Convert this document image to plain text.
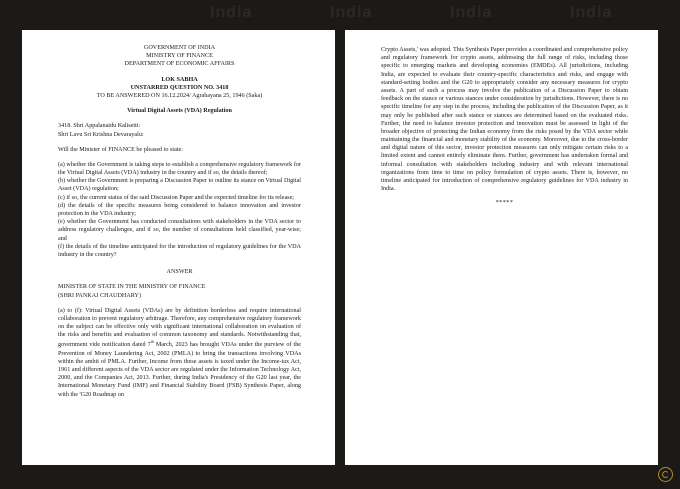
India	India	India	India

GOVERNMENT OF INDIA

MINISTRY OF FINANCE

DEPARTMENT OF ECONOMIC AFFAIRS

LOK SABHA

UNSTARRED QUESTION NO. 3418

TO BE ANSWERED ON 16.12.2024/ Agrahayana 25, 1946 (Saka)

Virtual Digital Assets (VDA) Regulation

3418. Shri Appalanaidu Kalisetti:

Shri Lavu Sri Krishna Devarayalu:

Will the Minister of FINANCE be pleased to state:

(a) whether the Government is taking steps to establish a comprehensive regulatory framework for the Virtual Digital Assets (VDA) industry in the country and if so, the details thereof;

(b) whether the Government is preparing a Discussion Paper to outline its stance on Virtual Digital Asset (VDA) regulation;

(c) if so, the current status of the said Discussion Paper and the expected timeline for its release;

(d) the details of the specific measures being considered to balance innovation and investor protection in the VDA industry;

(e) whether the Government has conducted consultations with stakeholders in the VDA sector to address regulatory challenges, and if so, the number of consultations held classified, year-wise; and

(f) the details of the timeline anticipated for the introduction of regulatory guidelines for the VDA industry in the country?

ANSWER

MINISTER OF STATE IN THE MINISTRY OF FINANCE

(SHRI PANKAJ CHAUDHARY)

(a) to (f): Virtual Digital Assets (VDAs) are by definition borderless and require international collaboration to prevent regulatory arbitrage. Therefore, any comprehensive regulatory framework on the subject can be effective only with significant international collaboration on evaluation of the risks and benefits and evaluation of common taxonomy and standards. Notwithstanding that, government vide notification dated 7th March, 2023 has brought VDAs under the purview of the Prevention of Money Laundering Act, 2002 (PMLA) to bring the transactions involving VDAs within the ambit of PMLA. Further, Income from these assets is taxed under the Income-tax Act, 1961 and different aspects of the VDA sector are regulated under the Information Technology Act, 2000, and the Companies Act, 2013. Further, during India's Presidency of the G20 last year, the International Monetary Fund (IMF) and Financial Stability Board (FSB) Synthesis Paper, along with the 'G20 Roadmap on

Crypto Assets,' was adopted. This Synthesis Paper provides a coordinated and comprehensive policy and regulatory framework for crypto assets, addressing the full range of risks, including those specific to emerging markets and developing economies (EMDEs). All jurisdictions, including India, are expected to evaluate their country-specific characteristics and risks, and engage with standard-setting bodies and the G20 to appropriately consider any necessary measures for crypto assets. A part of such a process may involve the publication of a Discussion Paper to obtain feedback on the stance or various stances under consideration by jurisdictions. However, there is no specific timeline for any step in the process, including the publication of the Discussion Paper, as it may only be published after such stance or stances are determined based on the evaluated risks. Further, the need to balance investor protection and innovation must be assessed in light of the broader objective of protecting the Indian economy from the risks posed by the VDA sector while maintaining the financial and monetary stability of the economy. Moreover, due to the cross-border and digital nature of this sector, investor protection measures can only mitigate certain risks to a limited extent and cannot entirely eliminate them. Further, government has undertaken formal and informal consultation with stakeholders including industry and with relevant international organizations from time to time on policy formulation of crypto assets. There is, however, no timeline anticipated for introduction of comprehensive regulatory guidelines for VDA industry in India.

*****
